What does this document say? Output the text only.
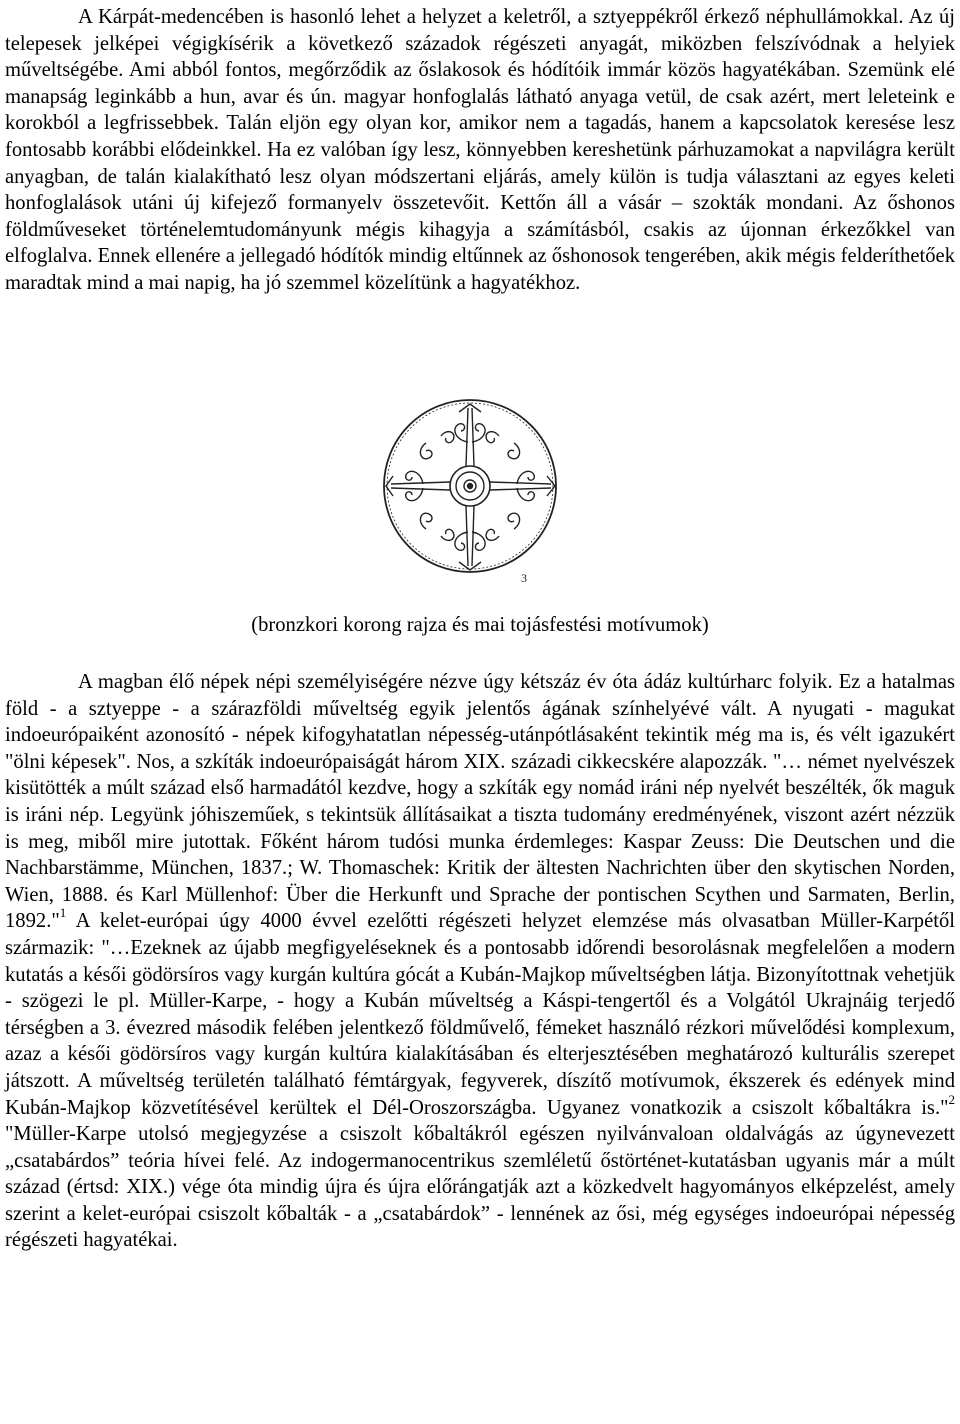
A Kárpát-medencében is hasonló lehet a helyzet a keletről, a sztyeppékről érkező néphullámokkal. Az új telepesek jelképei végigkísérik a következő századok régészeti anyagát, miközben felszívódnak a helyiek műveltségébe. Ami abból fontos, megőrződik az őslakosok és hódítóik immár közös hagyatékában. Szemünk elé manapság leginkább a hun, avar és ún. magyar honfoglalás látható anyaga vetül, de csak azért, mert leleteink e korokból a legfrissebbek. Talán eljön egy olyan kor, amikor nem a tagadás, hanem a kapcsolatok keresése lesz fontosabb korábbi elődeinkkel. Ha ez valóban így lesz, könnyebben kereshetünk párhuzamokat a napvilágra került anyagban, de talán kialakítható lesz olyan módszertani eljárás, amely külön is tudja választani az egyes keleti honfoglalások utáni új kifejező formanyelv összetevőit. Kettőn áll a vásár – szokták mondani. Az őshonos földműveseket történelemtudományunk mégis kihagyja a számításból, csakis az újonnan érkezőkkel van elfoglalva. Ennek ellenére a jellegadó hódítók mindig eltűnnek az őshonosok tengerében, akik mégis felderíthetőek maradtak mind a mai napig, ha jó szemmel közelítünk a hagyatékhoz.

3
(bronzkori korong rajza és mai tojásfestési motívumok)

A magban élő népek népi személyiségére nézve úgy kétszáz év óta ádáz kultúrharc folyik. Ez a hatalmas föld - a sztyeppe - a szárazföldi műveltség egyik jelentős ágának színhelyévé vált. A nyugati - magukat indoeurópaiként azonosító - népek kifogyhatatlan népesség-utánpótlásaként tekintik még ma is, és vélt igazukért "ölni képesek". Nos, a szkíták indoeurópaiságát három XIX. századi cikkecskére alapozzák. "… német nyelvészek kisütötték a múlt század első harmadától kezdve, hogy a szkíták egy nomád iráni nép nyelvét beszélték, ők maguk is iráni nép. Legyünk jóhiszeműek, s tekintsük állításaikat a tiszta tudomány eredményének, viszont azért nézzük is meg, miből mire jutottak. Főként három tudósi munka érdemleges: Kaspar Zeuss: Die Deutschen und die Nachbarstämme, München, 1837.; W. Thomaschek: Kritik der ältesten Nachrichten über den skytischen Norden, Wien, 1888. és Karl Müllenhof: Über die Herkunft und Sprache der pontischen Scythen und Sarmaten, Berlin, 1892."$^1$ A kelet-európai úgy 4000 évvel ezelőtti régészeti helyzet elemzése más olvasatban Müller-Karpétől származik: "…Ezeknek az újabb megfigyeléseknek és a pontosabb időrendi besorolásnak megfelelően a modern kutatás a késői gödörsíros vagy kurgán kultúra gócát a Kubán-Majkop műveltségben látja. Bizonyítottnak vehetjük - szögezi le pl. Müller-Karpe, - hogy a Kubán műveltség a Káspi-tengertől és a Volgától Ukrajnáig terjedő térségben a 3. évezred második felében jelentkező földművelő, fémeket használó rézkori művelődési komplexum, azaz a késői gödörsíros vagy kurgán kultúra kialakításában és elterjesztésében meghatározó kulturális szerepet játszott. A műveltség területén található fémtárgyak, fegyverek, díszítő motívumok, ékszerek és edények mind Kubán-Majkop közvetítésével kerültek el Dél-Oroszországba. Ugyanez vonatkozik a csiszolt kőbaltákra is."$^2$ "Müller-Karpe utolsó megjegyzése a csiszolt kőbaltákról egészen nyilvánvaloan oldalvágás az úgynevezett „csatabárdos” teória hívei felé. Az indogermanocentrikus szemléletű őstörténet-kutatásban ugyanis már a múlt század (értsd: XIX.) vége óta mindig újra és újra előrángatják azt a közkedvelt hagyományos elképzelést, amely szerint a kelet-európai csiszolt kőbalták - a „csatabárdok” - lennének az ősi, még egységes indoeurópai népesség régészeti hagyatékai.
